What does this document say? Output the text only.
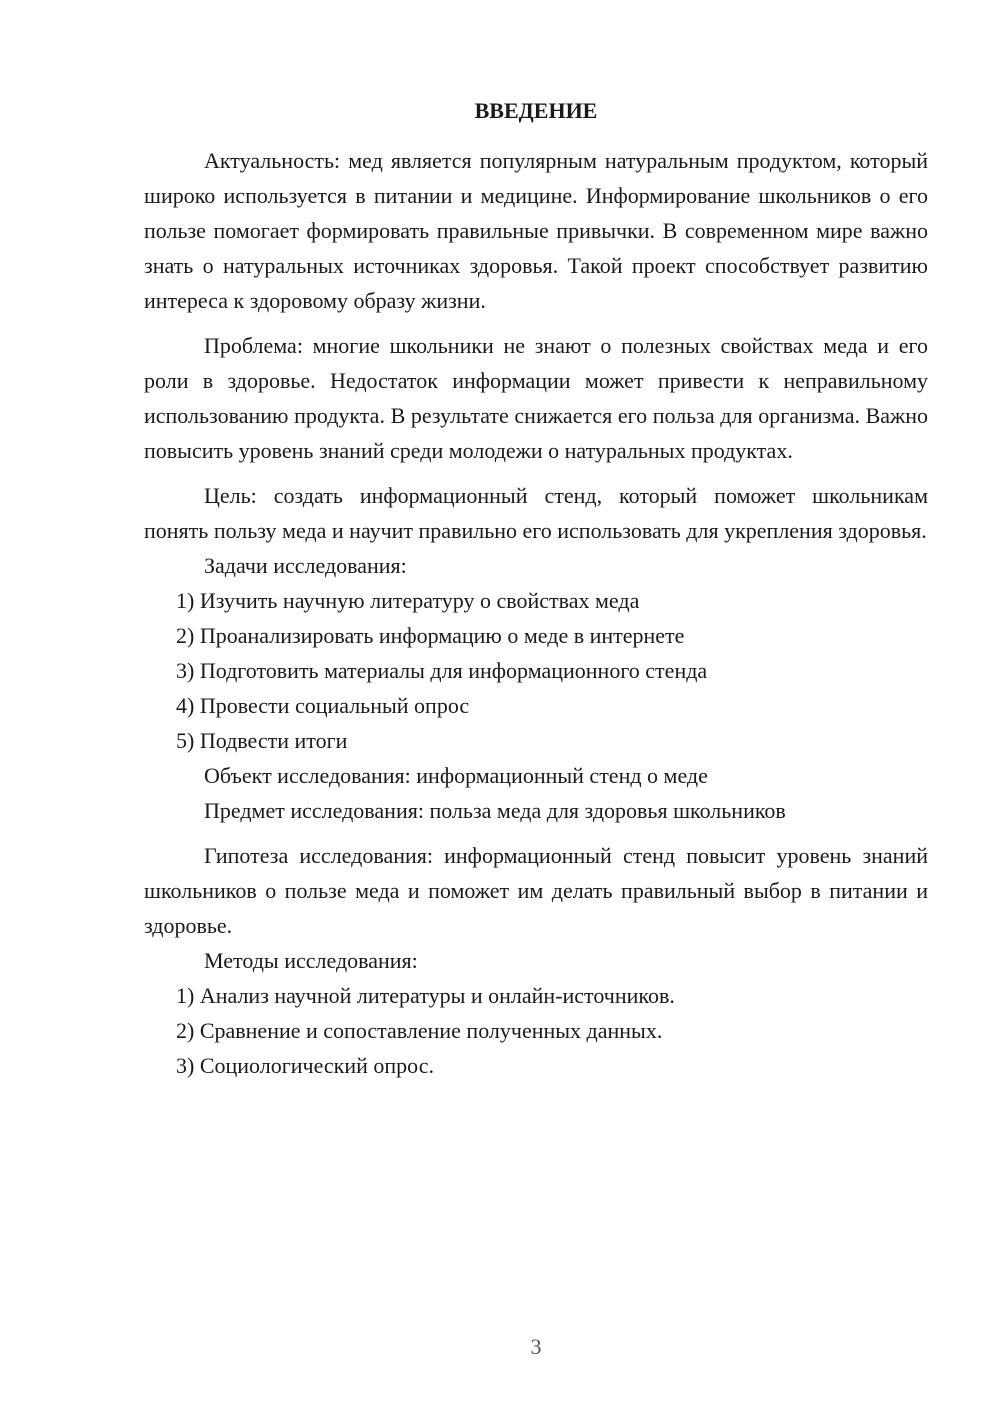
ВВЕДЕНИЕ

Актуальность: мед является популярным натуральным продуктом, который широко используется в питании и медицине. Информирование школьников о его пользе помогает формировать правильные привычки. В современном мире важно знать о натуральных источниках здоровья. Такой проект способствует развитию интереса к здоровому образу жизни.

Проблема: многие школьники не знают о полезных свойствах меда и его роли в здоровье. Недостаток информации может привести к неправильному использованию продукта. В результате снижается его польза для организма. Важно повысить уровень знаний среди молодежи о натуральных продуктах.

Цель: создать информационный стенд, который поможет школьникам понять пользу меда и научит правильно его использовать для укрепления здоровья.

Задачи исследования:

1) Изучить научную литературу о свойствах меда

2) Проанализировать информацию о меде в интернете

3) Подготовить материалы для информационного стенда

4) Провести социальный опрос

5) Подвести итоги

Объект исследования: информационный стенд о меде

Предмет исследования: польза меда для здоровья школьников

Гипотеза исследования: информационный стенд повысит уровень знаний школьников о пользе меда и поможет им делать правильный выбор в питании и здоровье.

Методы исследования:

1) Анализ научной литературы и онлайн-источников.

2) Сравнение и сопоставление полученных данных.

3) Социологический опрос.

3
